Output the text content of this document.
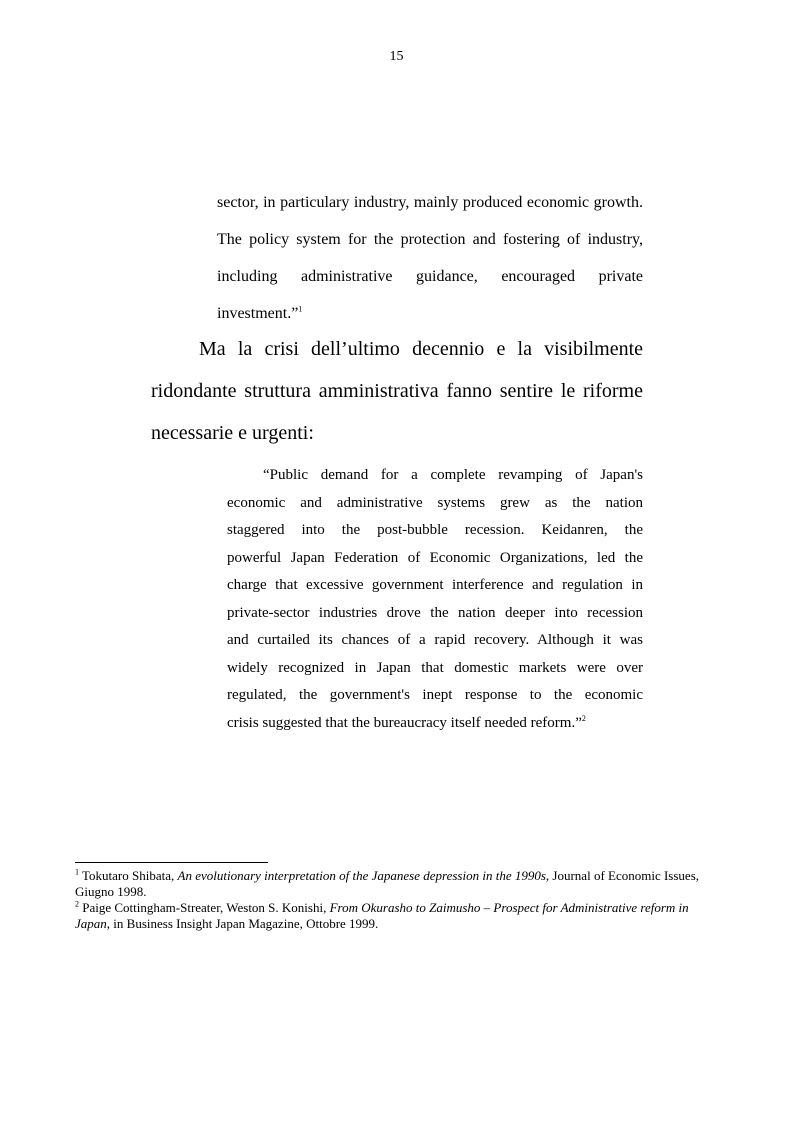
15
sector, in particulary industry, mainly produced economic growth.
The policy system for the protection and fostering of industry,
including administrative guidance, encouraged private
investment.”$^1$
Ma la crisi dell’ultimo decennio e la visibilmente
ridondante struttura amministrativa fanno sentire le riforme
necessarie e urgenti:
“Public demand for a complete revamping of Japan's
economic and administrative systems grew as the nation
staggered into the post-bubble recession. Keidanren, the
powerful Japan Federation of Economic Organizations, led the
charge that excessive government interference and regulation in
private-sector industries drove the nation deeper into recession
and curtailed its chances of a rapid recovery. Although it was
widely recognized in Japan that domestic markets were over
regulated, the government's inept response to the economic
crisis suggested that the bureaucracy itself needed reform.”$^2$

$^1$ Tokutaro Shibata, An evolutionary interpretation of the Japanese depression in the 1990s, Journal of Economic Issues, Giugno 1998.

$^2$ Paige Cottingham-Streater, Weston S. Konishi, From Okurasho to Zaimusho – Prospect for Administrative reform in Japan, in Business Insight Japan Magazine, Ottobre 1999.
